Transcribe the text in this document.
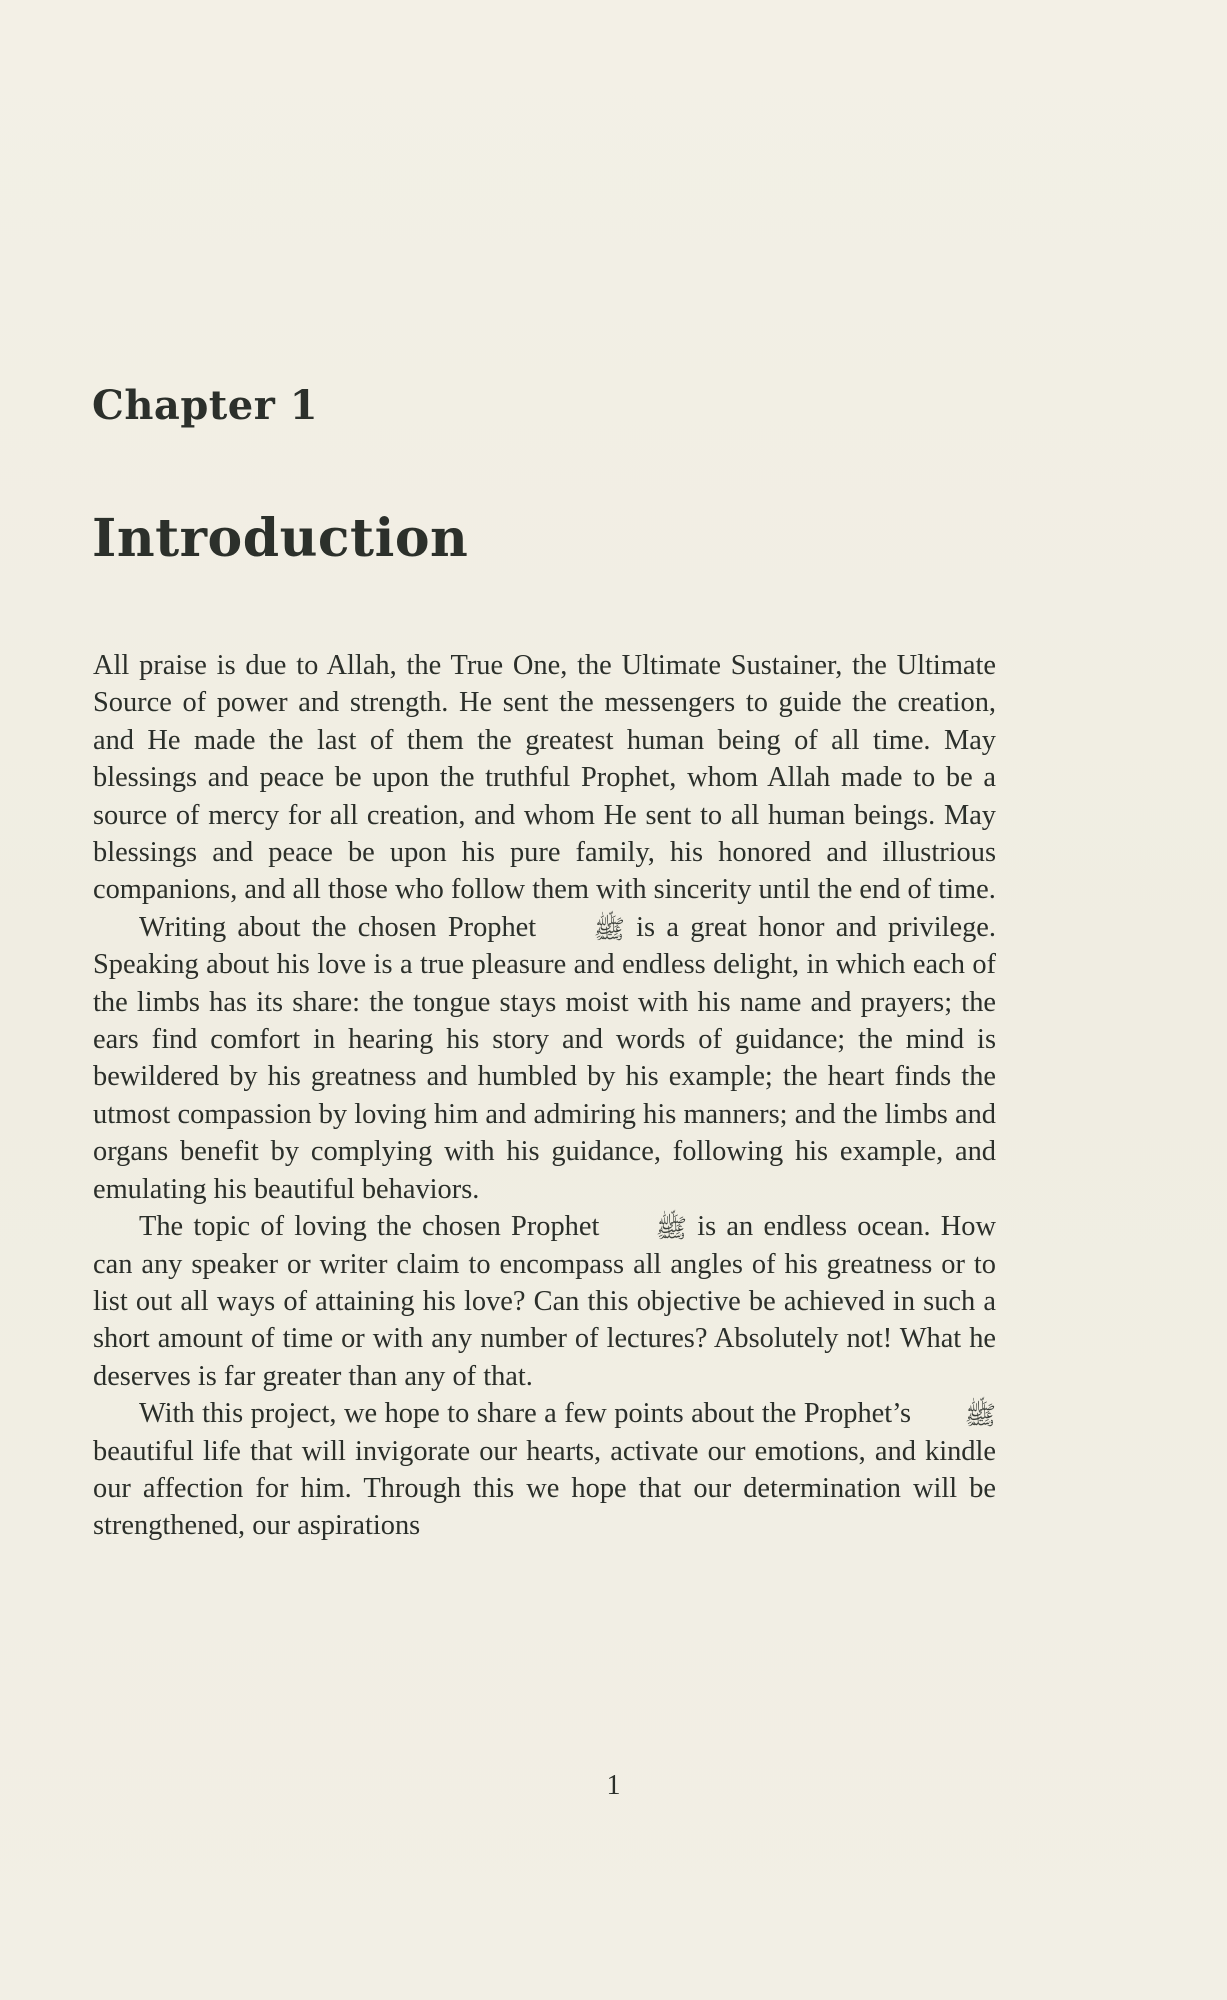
Chapter 1
Introduction

All praise is due to Allah, the True One, the Ultimate Sustainer, the Ultimate Source of power and strength. He sent the messengers to guide the creation, and He made the last of them the greatest human being of all time. May blessings and peace be upon the truthful Prophet, whom Allah made to be a source of mercy for all creation, and whom He sent to all human beings. May blessings and peace be upon his pure family, his honored and illustrious companions, and all those who follow them with sincerity until the end of time.

Writing about the chosen Prophet ﷺ is a great honor and privilege. Speaking about his love is a true pleasure and endless delight, in which each of the limbs has its share: the tongue stays moist with his name and prayers; the ears find comfort in hearing his story and words of guidance; the mind is bewildered by his greatness and humbled by his example; the heart finds the utmost compassion by loving him and admiring his manners; and the limbs and organs benefit by complying with his guidance, following his example, and emulating his beautiful behaviors.

The topic of loving the chosen Prophet ﷺ is an endless ocean. How can any speaker or writer claim to encompass all angles of his greatness or to list out all ways of attaining his love? Can this objective be achieved in such a short amount of time or with any number of lectures? Absolutely not! What he deserves is far greater than any of that.

With this project, we hope to share a few points about the Prophet’s ﷺ beautiful life that will invigorate our hearts, activate our emotions, and kindle our affection for him. Through this we hope that our determination will be strengthened, our aspirations

1
